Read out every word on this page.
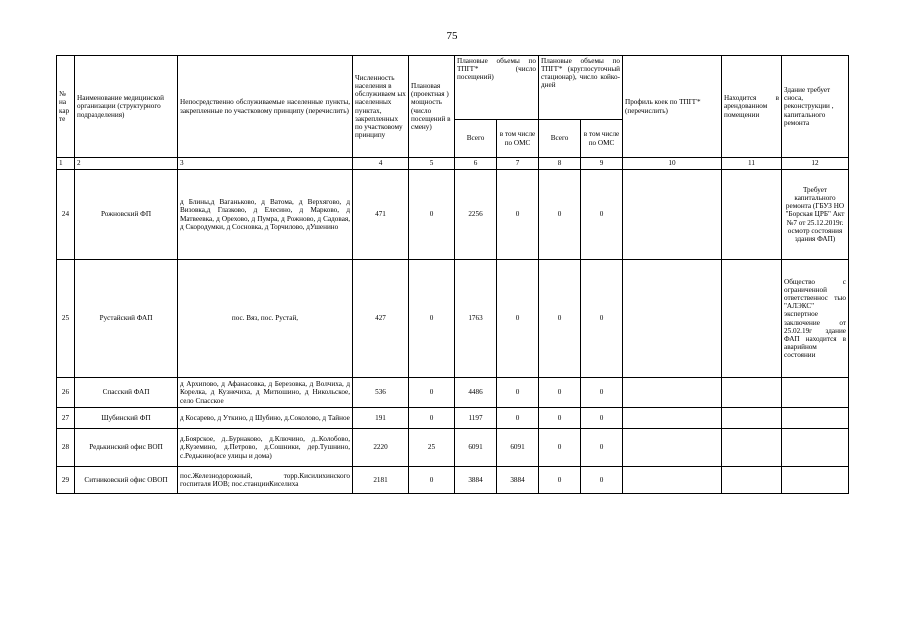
75
№ на кар те	Наименование медицинской организации (структурного подразделения)	Непосредственно обслуживаемые населенные пункты, закрепленные по участковому принципу (перечислить)	Численность населения в обслуживаем ых населенных пунктах, закрепленных по участковому принципу	Плановая (проектная ) мощность (число посещений в смену)	Плановые объемы по ТПГГ* (число посещений)		Плановые объемы по ТПГГ* (круглосуточный стационар), число койко-дней		Профиль коек по ТПГГ* (перечислить)	Находится в арендованном помещении	Здание требует сноса, реконструкции , капитального ремонта
					Всего	в том числе по ОМС	Всего	в том числе по ОМС			
1	2	3	4	5	6	7	8	9	10	11	12
24	Рожновский ФП	д Блины,д Ваганьково, д Ватома, д Верхягово, д Визовка,д Глазково, д Елесино, д Марково, д Матвеевка, д Орехово, д Пумра, д Рожново, д Садовая, д Скородумки, д Сосновка, д Торчилово, дУшенино	471	0	2256	0	0	0			Требует капитального ремонта (ГБУЗ НО "Борская ЦРБ" Акт №7 от 25.12.2019г. осмотр состояния здания ФАП)
25	Рустайский ФАП	пос. Вяз, пос. Рустай,	427	0	1763	0	0	0			Общество с ограниченной ответственнос тью "АЛЭКС" экспертное заключение от 25.02.19г здание ФАП находится в аварийном состоянии
26	Спасский ФАП	д Архипово, д Афанасовка, д Березовка, д Волчиха, д Корелка, д Кузнечиха, д Митюшино, д Никольское, село Спасское	536	0	4486	0	0	0			
27	Шубинский ФП	д Косарево, д Уткино, д Шубино, д.Соколово, д Тайное	191	0	1197	0	0	0			
28	Редькинский офис ВОП	д.Боярское, д..Бурнаково, д.Ключино, д..Колобово, д.Куземино, д.Петрово, д.Сошники, дер.Тушнино, с.Редькино(все улицы и дома)	2220	25	6091	6091	0	0			
29	Ситниковский офис ОВОП	пос.Железнодорожный, торр.Кисилихинского госпиталя ИОВ; пос.станцииКиселиха	2181	0	3884	3884	0	0			
